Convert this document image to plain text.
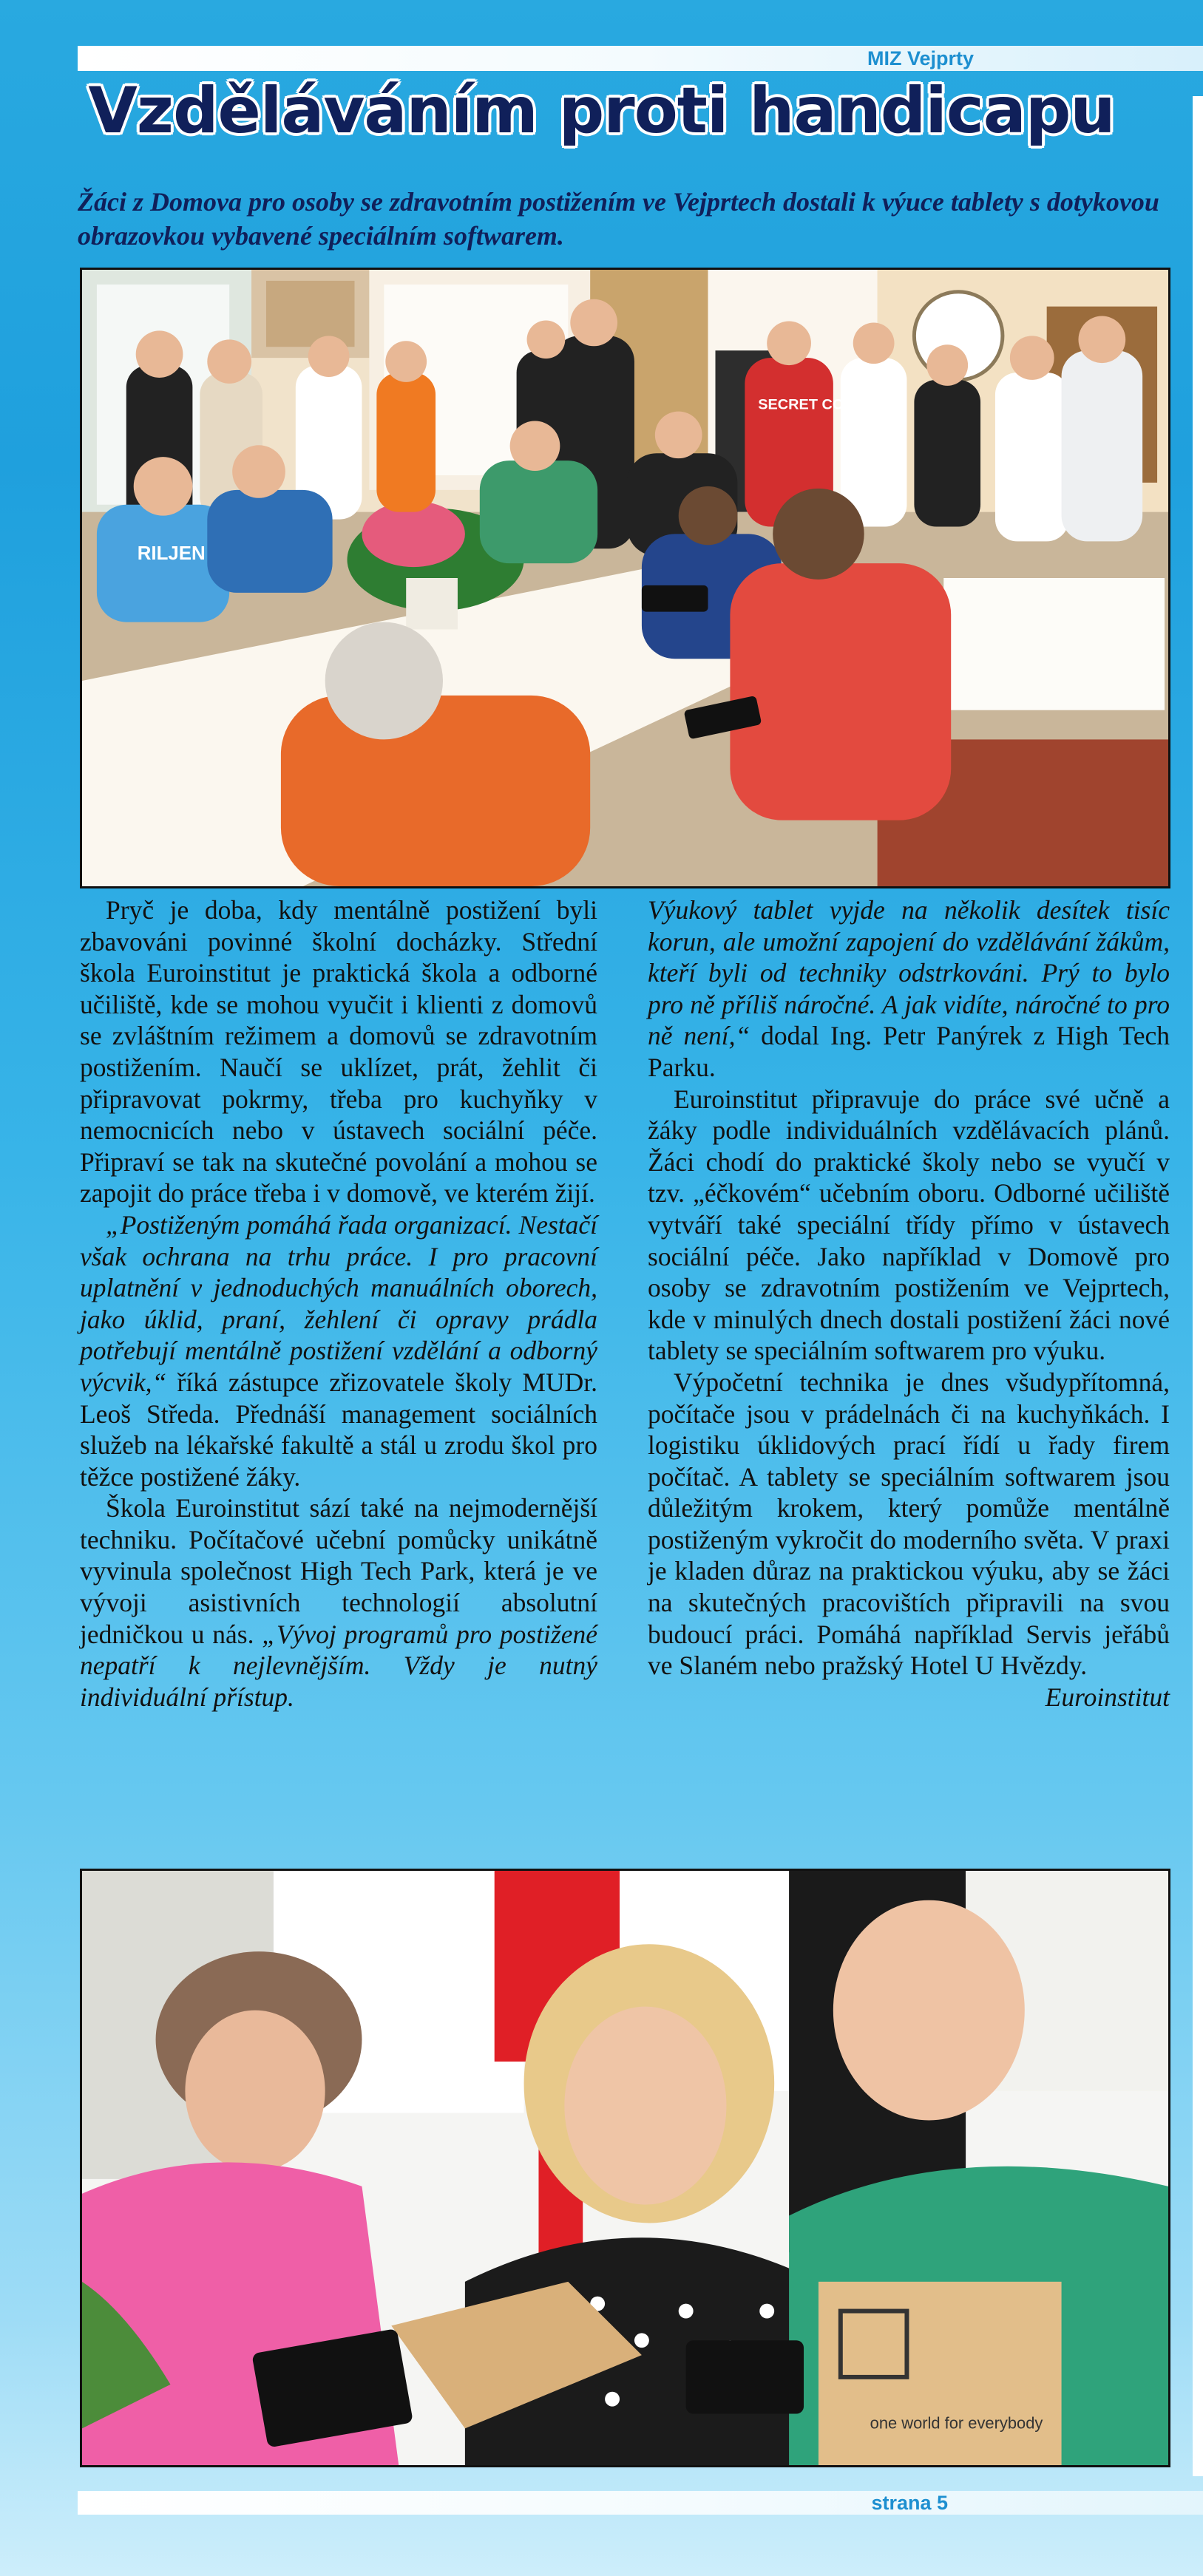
MIZ Vejprty
Vzděláváním proti handicapu

Žáci z Domova pro osoby se zdravotním postižením ve Vejprtech dostali k výuce tablety s dotykovou obrazovkou vybavené speciálním softwarem.

RILJEN
SECRET CODE

Pryč je doba, kdy mentálně postižení byli zbavováni povinné školní docházky. Střední škola Euroinstitut je praktická škola a odborné učiliště, kde se mohou vyučit i klienti z domovů se zvláštním režimem a domovů se zdravotním postižením. Naučí se uklízet, prát, žehlit či připravovat pokrmy, třeba pro kuchyňky v nemocnicích nebo v ústavech sociální péče. Připraví se tak na skutečné povolání a mohou se zapojit do práce třeba i v domově, ve kterém žijí.

„Postiženým pomáhá řada organizací. Nestačí však ochrana na trhu práce. I pro pracovní uplatnění v jednoduchých manuálních oborech, jako úklid, praní, žehlení či opravy prádla potřebují mentálně postižení vzdělání a odborný výcvik,“ říká zástupce zřizovatele školy MUDr. Leoš Středa. Přednáší management sociálních služeb na lékařské fakultě a stál u zrodu škol pro těžce postižené žáky.

Škola Euroinstitut sází také na nejmodernější techniku. Počítačové učební pomůcky unikátně vyvinula společnost High Tech Park, která je ve vývoji asistivních technologií absolutní jedničkou u nás. „Vývoj programů pro postižené nepatří k nejlevnějším. Vždy je nutný individuální přístup.

Výukový tablet vyjde na několik desítek tisíc korun, ale umožní zapojení do vzdělávání žákům, kteří byli od techniky odstrkováni. Prý to bylo pro ně příliš náročné. A jak vidíte, náročné to pro ně není,“ dodal Ing. Petr Panýrek z High Tech Parku.

Euroinstitut připravuje do práce své učně a žáky podle individuálních vzdělávacích plánů. Žáci chodí do praktické školy nebo se vyučí v tzv. „éčkovém“ učebním oboru. Odborné učiliště vytváří také speciální třídy přímo v ústavech sociální péče. Jako například v Domově pro osoby se zdravotním postižením ve Vejprtech, kde v minulých dnech dostali postižení žáci nové tablety se speciálním softwarem pro výuku.

Výpočetní technika je dnes všudypřítomná, počítače jsou v prádelnách či na kuchyňkách. I logistiku úklidových prací řídí u řady firem počítač. A tablety se speciálním softwarem jsou důležitým krokem, který pomůže mentálně postiženým vykročit do moderního světa. V praxi je kladen důraz na praktickou výuku, aby se žáci na skutečných pracovištích připravili na svou budoucí práci. Pomáhá například Servis jeřábů ve Slaném nebo pražský Hotel U Hvězdy.
Euroinstitut

one world for everybody
strana 5
